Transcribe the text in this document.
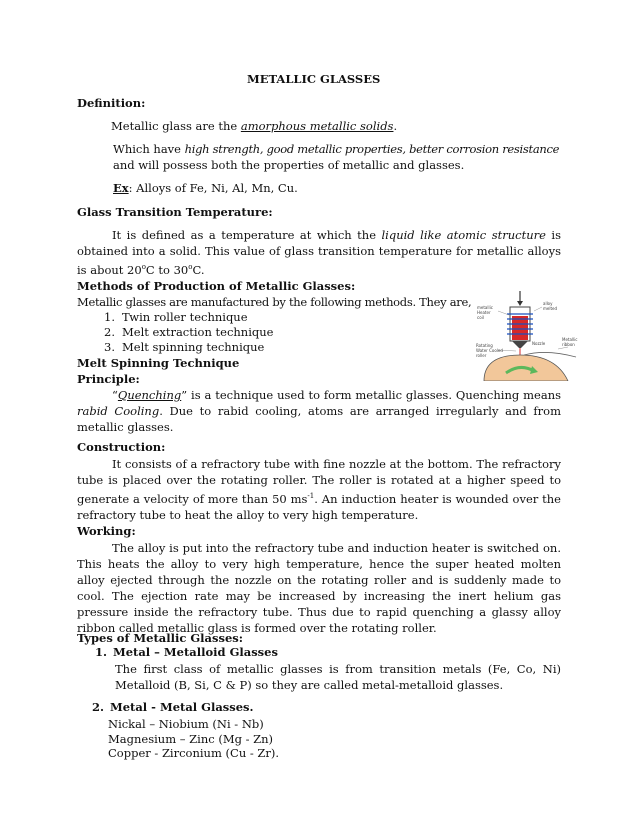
METALLIC GLASSES
Definition:
Metallic glass are the amorphous metallic solids.
Which have high strength, good metallic properties, better corrosion resistance
and will possess both the properties of metallic and glasses.
Ex: Alloys of Fe, Ni, Al, Mn, Cu.
Glass Transition Temperature:
It is defined as a temperature at which the liquid like atomic structure is obtained into a solid. This value of glass transition temperature for metallic alloys is about 20$^o$C to 30$^o$C.
Methods of Production of Metallic Glasses:
Metallic glasses are manufactured by the following methods. They are,
1. Twin roller technique
2. Melt extraction technique
3. Melt spinning technique
metallic
Heater
coil
alloy
melted
Nozzle
Metallic
ribbon
Rotating
Water Cooled
roller
Melt Spinning Technique
Principle:
“Quenching” is a technique used to form metallic glasses. Quenching means rabid Cooling. Due to rabid cooling, atoms are arranged irregularly and from metallic glasses.
Construction:
It consists of a refractory tube with fine nozzle at the bottom. The refractory tube is placed over the rotating roller. The roller is rotated at a higher speed to generate a velocity of more than 50 $ms^{-1}$. An induction heater is wounded over the refractory tube to heat the alloy to very high temperature.
Working:
The alloy is put into the refractory tube and induction heater is switched on. This heats the alloy to very high temperature, hence the super heated molten alloy ejected through the nozzle on the rotating roller and is suddenly made to cool. The ejection rate may be increased by increasing the inert helium gas pressure inside the refractory tube. Thus due to rapid quenching a glassy alloy ribbon called metallic glass is formed over the rotating roller.
Types of Metallic Glasses:
1. Metal – Metalloid Glasses
The first class of metallic glasses is from transition metals (Fe, Co, Ni) Metalloid (B, Si, C & P) so they are called metal-metalloid glasses.
2. Metal - Metal Glasses.
Nickal – Niobium (Ni - Nb)
Magnesium – Zinc (Mg - Zn)
Copper - Zirconium (Cu - Zr).
